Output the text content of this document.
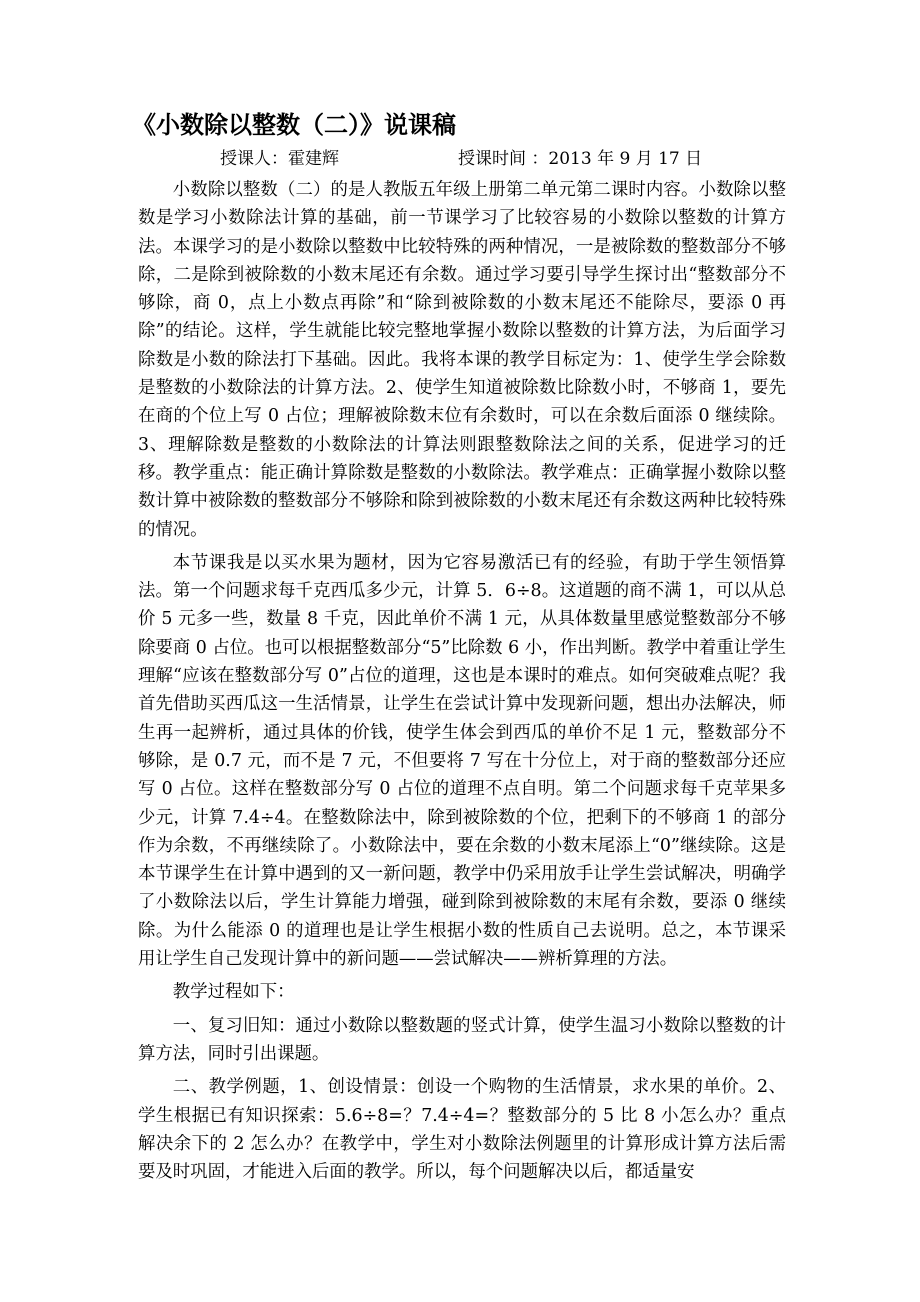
《小数除以整数（二）》说课稿
授课人：霍建辉	授课时间 ：2013 年 9 月 17 日

小数除以整数（二）的是人教版五年级上册第二单元第二课时内容。小数除以整数是学习小数除法计算的基础，前一节课学习了比较容易的小数除以整数的计算方法。本课学习的是小数除以整数中比较特殊的两种情况，一是被除数的整数部分不够除，二是除到被除数的小数末尾还有余数。通过学习要引导学生探讨出“整数部分不够除，商 0，点上小数点再除”和“除到被除数的小数末尾还不能除尽，要添 0 再除”的结论。这样，学生就能比较完整地掌握小数除以整数的计算方法，为后面学习除数是小数的除法打下基础。因此。我将本课的教学目标定为：1、使学生学会除数是整数的小数除法的计算方法。2、使学生知道被除数比除数小时，不够商 1，要先在商的个位上写 0 占位；理解被除数末位有余数时，可以在余数后面添 0 继续除。3、理解除数是整数的小数除法的计算法则跟整数除法之间的关系，促进学习的迁移。教学重点：能正确计算除数是整数的小数除法。教学难点：正确掌握小数除以整数计算中被除数的整数部分不够除和除到被除数的小数末尾还有余数这两种比较特殊的情况。

本节课我是以买水果为题材，因为它容易激活已有的经验，有助于学生领悟算法。第一个问题求每千克西瓜多少元，计算 5．6÷8。这道题的商不满 1，可以从总价 5 元多一些，数量 8 千克，因此单价不满 1 元，从具体数量里感觉整数部分不够除要商 0 占位。也可以根据整数部分“5”比除数 6 小，作出判断。教学中着重让学生理解“应该在整数部分写 0”占位的道理，这也是本课时的难点。如何突破难点呢？我首先借助买西瓜这一生活情景，让学生在尝试计算中发现新问题，想出办法解决，师生再一起辨析，通过具体的价钱，使学生体会到西瓜的单价不足 1 元，整数部分不够除，是 0.7 元，而不是 7 元，不但要将 7 写在十分位上，对于商的整数部分还应写 0 占位。这样在整数部分写 0 占位的道理不点自明。第二个问题求每千克苹果多少元，计算 7.4÷4。在整数除法中，除到被除数的个位，把剩下的不够商 1 的部分作为余数，不再继续除了。小数除法中，要在余数的小数末尾添上“0”继续除。这是本节课学生在计算中遇到的又一新问题，教学中仍采用放手让学生尝试解决，明确学了小数除法以后，学生计算能力增强，碰到除到被除数的末尾有余数，要添 0 继续除。为什么能添 0 的道理也是让学生根据小数的性质自己去说明。总之，本节课采用让学生自己发现计算中的新问题——尝试解决——辨析算理的方法。

教学过程如下：

一、复习旧知：通过小数除以整数题的竖式计算，使学生温习小数除以整数的计算方法，同时引出课题。

二、教学例题，1、创设情景：创设一个购物的生活情景，求水果的单价。2、学生根据已有知识探索：5.6÷8=？7.4÷4=？整数部分的 5 比 8 小怎么办？重点解决余下的 2 怎么办？在教学中，学生对小数除法例题里的计算形成计算方法后需要及时巩固，才能进入后面的教学。所以，每个问题解决以后，都适量安
